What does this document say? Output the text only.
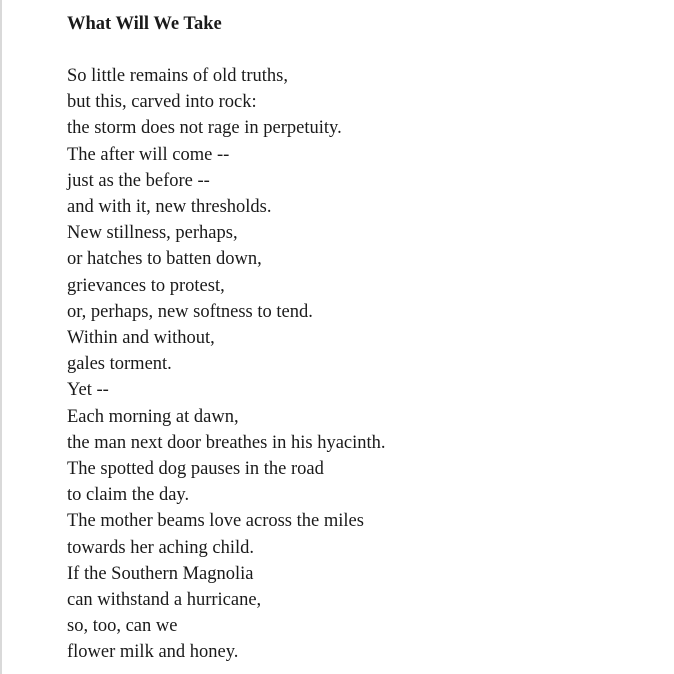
What Will We Take
So little remains of old truths,
but this, carved into rock:
the storm does not rage in perpetuity.
The after will come --
just as the before --
and with it, new thresholds.
New stillness, perhaps,
or hatches to batten down,
grievances to protest,
or, perhaps, new softness to tend.
Within and without,
gales torment.
Yet --
Each morning at dawn,
the man next door breathes in his hyacinth.
The spotted dog pauses in the road
to claim the day.
The mother beams love across the miles
towards her aching child.
If the Southern Magnolia
can withstand a hurricane,
so, too, can we
flower milk and honey.
